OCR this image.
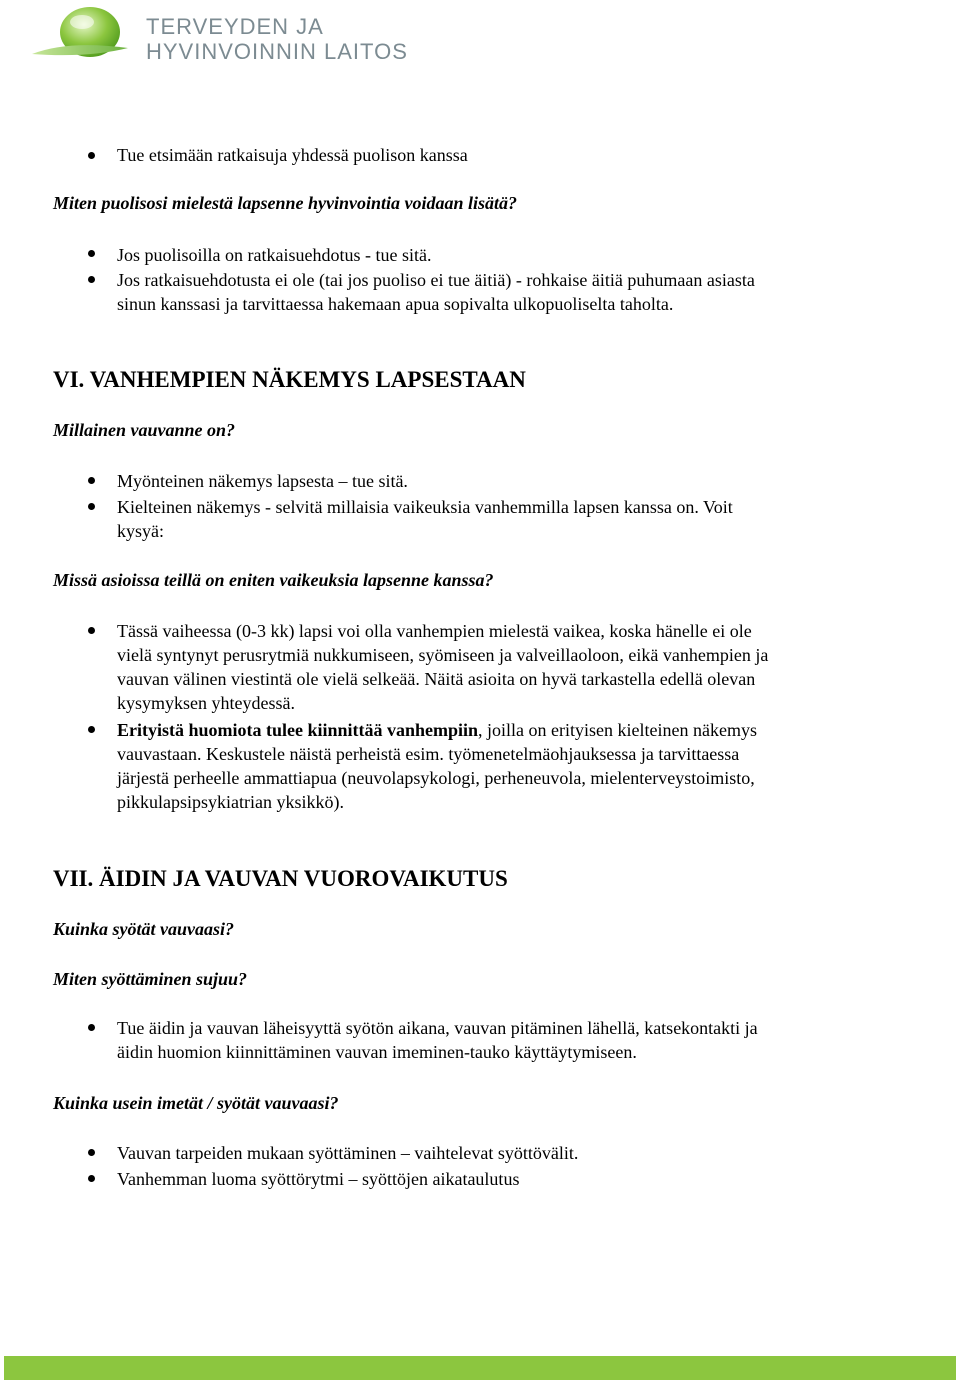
TERVEYDEN JA
HYVINVOINNIN LAITOS
Tue etsimään ratkaisuja yhdessä puolison kanssa
Miten puolisosi mielestä lapsenne hyvinvointia voidaan lisätä?
Jos puolisoilla on ratkaisuehdotus - tue sitä.
Jos ratkaisuehdotusta ei ole (tai jos puoliso ei tue äitiä) - rohkaise äitiä puhumaan asiasta
sinun kanssasi ja tarvittaessa hakemaan apua sopivalta ulkopuoliselta taholta.
VI. VANHEMPIEN NÄKEMYS LAPSESTAAN
Millainen vauvanne on?
Myönteinen näkemys lapsesta – tue sitä.
Kielteinen näkemys - selvitä millaisia vaikeuksia vanhemmilla lapsen kanssa on. Voit
kysyä:
Missä asioissa teillä on eniten vaikeuksia lapsenne kanssa?
Tässä vaiheessa (0-3 kk) lapsi voi olla vanhempien mielestä vaikea, koska hänelle ei ole
vielä syntynyt perusrytmiä nukkumiseen, syömiseen ja valveillaoloon, eikä vanhempien ja
vauvan välinen viestintä ole vielä selkeää. Näitä asioita on hyvä tarkastella edellä olevan
kysymyksen yhteydessä.
Erityistä huomiota tulee kiinnittää vanhempiin, joilla on erityisen kielteinen näkemys
vauvastaan. Keskustele näistä perheistä esim. työmenetelmäohjauksessa ja tarvittaessa
järjestä perheelle ammattiapua (neuvolapsykologi, perheneuvola, mielenterveystoimisto,
pikkulapsipsykiatrian yksikkö).
VII. ÄIDIN JA VAUVAN VUOROVAIKUTUS
Kuinka syötät vauvaasi?
Miten syöttäminen sujuu?
Tue äidin ja vauvan läheisyyttä syötön aikana, vauvan pitäminen lähellä, katsekontakti ja
äidin huomion kiinnittäminen vauvan imeminen-tauko käyttäytymiseen.
Kuinka usein imetät / syötät vauvaasi?
Vauvan tarpeiden mukaan syöttäminen – vaihtelevat syöttövälit.
Vanhemman luoma syöttörytmi – syöttöjen aikataulutus
